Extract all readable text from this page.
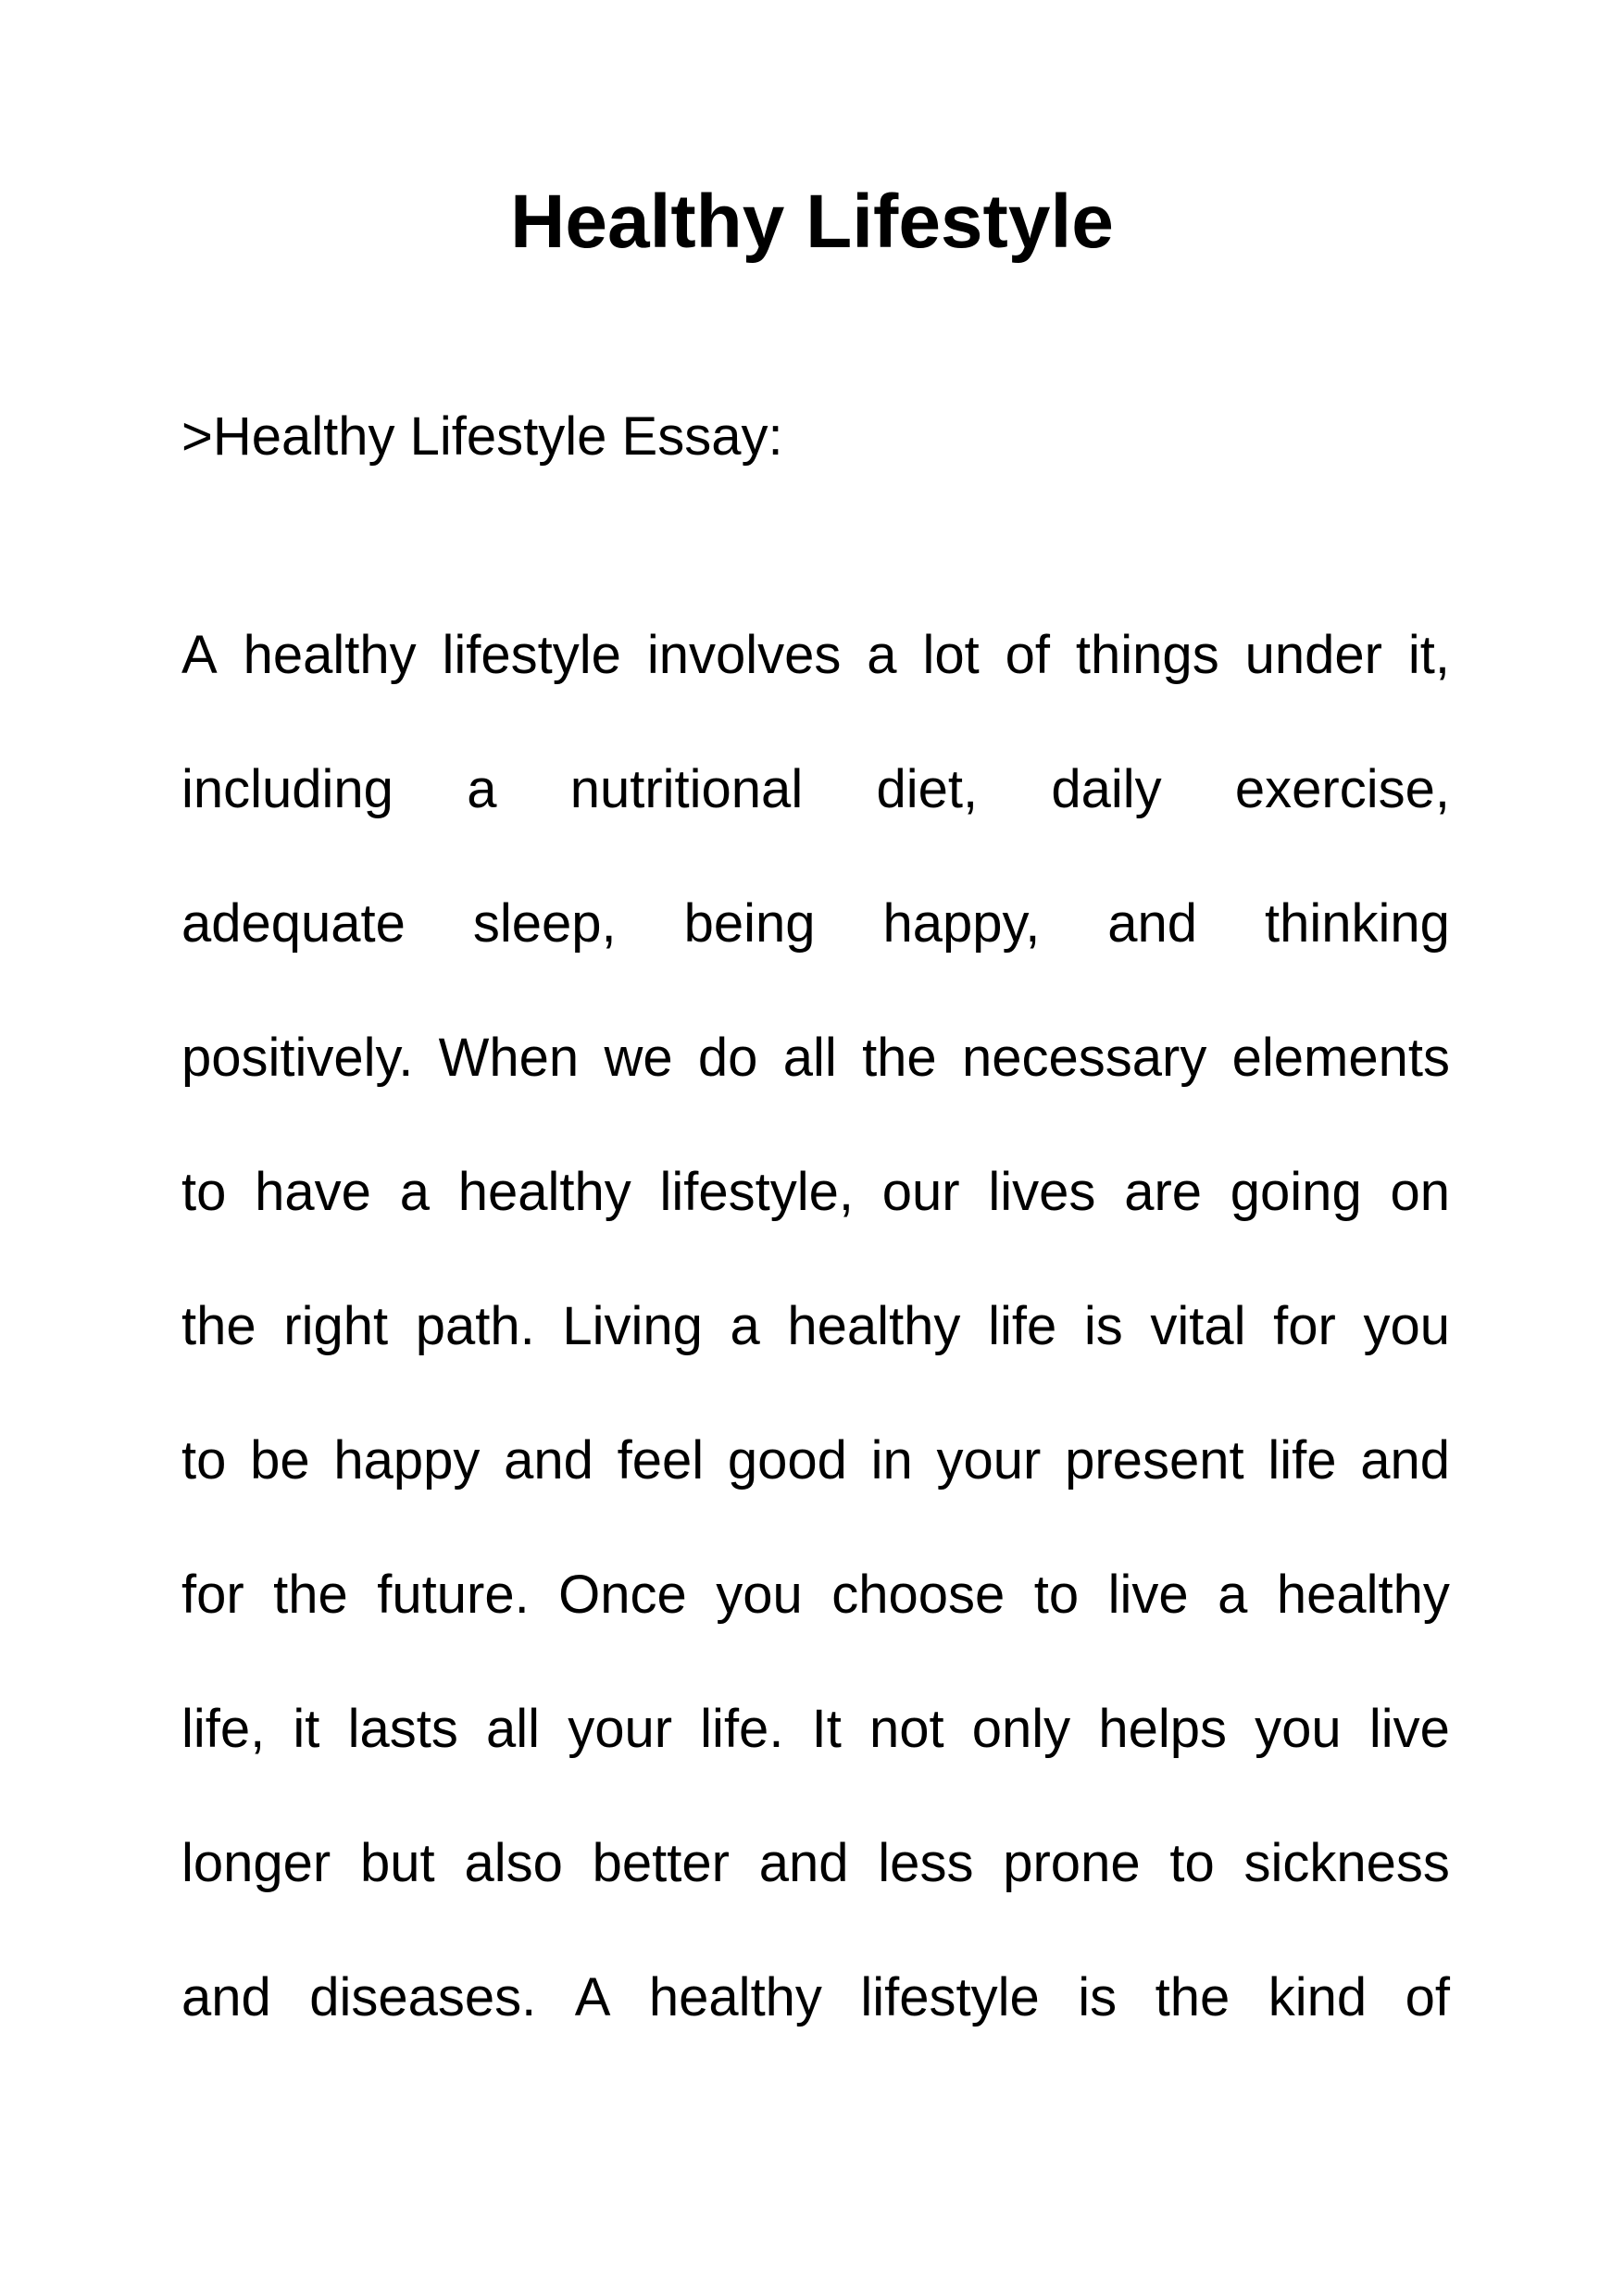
Healthy Lifestyle

>Healthy Lifestyle Essay:

A healthy lifestyle involves a lot of things under it,
including a nutritional diet, daily exercise,
adequate sleep, being happy, and thinking
positively. When we do all the necessary elements
to have a healthy lifestyle, our lives are going on
the right path. Living a healthy life is vital for you
to be happy and feel good in your present life and
for the future. Once you choose to live a healthy
life, it lasts all your life. It not only helps you live
longer but also better and less prone to sickness
and diseases. A healthy lifestyle is the kind of
